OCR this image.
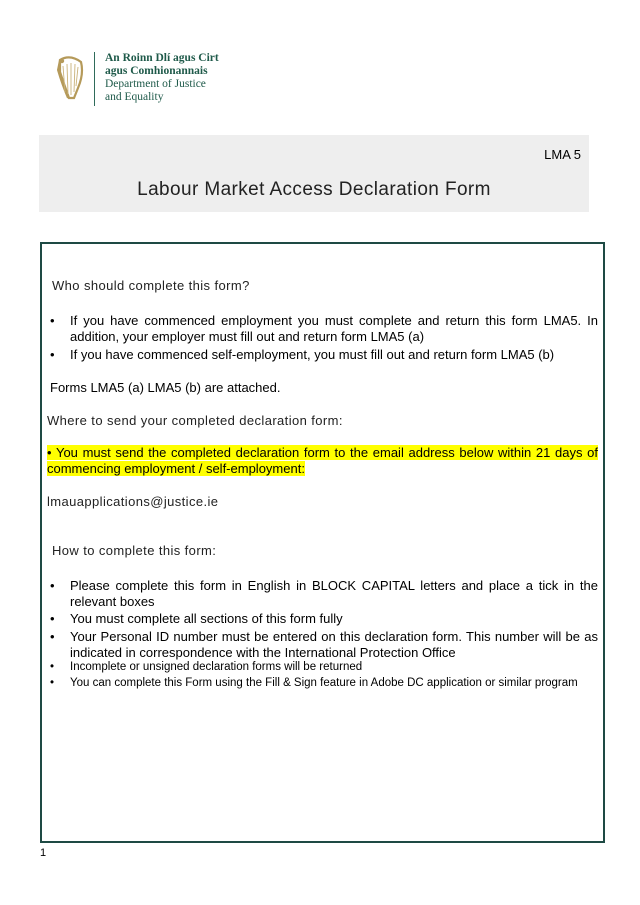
An Roinn Dlí agus Cirt
agus Comhionannais
Department of Justice
and Equality
LMA 5
Labour Market Access Declaration Form
Who should complete this form?
• If you have commenced employment you must complete and return this form LMA5. In addition, your employer must fill out and return form LMA5 (a)
• If you have commenced self-employment, you must fill out and return form LMA5 (b)
Forms LMA5 (a) LMA5 (b) are attached.
Where to send your completed declaration form:
• You must send the completed declaration form to the email address below within 21 days of commencing employment / self-employment:
lmauapplications@justice.ie
How to complete this form:
• Please complete this form in English in BLOCK CAPITAL letters and place a tick in the relevant boxes
• You must complete all sections of this form fully
• Your Personal ID number must be entered on this declaration form. This number will be as indicated in correspondence with the International Protection Office
• Incomplete or unsigned declaration forms will be returned
• You can complete this Form using the Fill & Sign feature in Adobe DC application or similar program
1
